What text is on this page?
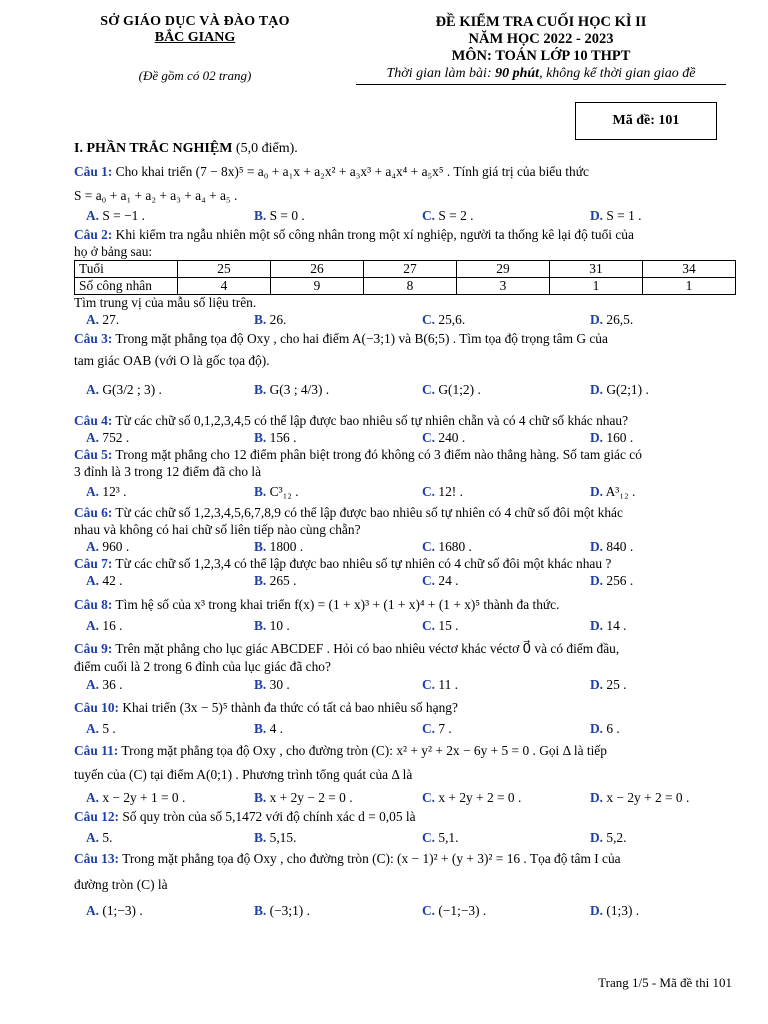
SỞ GIÁO DỤC VÀ ĐÀO TẠO
BẮC GIANG
(Đề gồm có 02 trang)
ĐỀ KIỂM TRA CUỐI HỌC KÌ II
NĂM HỌC 2022 - 2023
MÔN: TOÁN LỚP 10 THPT
Thời gian làm bài: 90 phút, không kể thời gian giao đề
Mã đề: 101
I. PHẦN TRẮC NGHIỆM (5,0 điểm).
Câu 1: Cho khai triển (7 − 8x)⁵ = a₀ + a₁x + a₂x² + a₃x³ + a₄x⁴ + a₅x⁵ . Tính giá trị của biểu thức
S = a₀ + a₁ + a₂ + a₃ + a₄ + a₅ .
A. S = −1 .	B. S = 0 .	C. S = 2 .	D. S = 1 .
Câu 2: Khi kiểm tra ngẫu nhiên một số công nhân trong một xí nghiệp, người ta thống kê lại độ tuổi của
họ ở bảng sau:
Tuổi	25	26	27	29	31	34
Số công nhân	4	9	8	3	1	1
Tìm trung vị của mẫu số liệu trên.
A. 27.	B. 26.	C. 25,6.	D. 26,5.
Câu 3: Trong mặt phẳng tọa độ Oxy , cho hai điểm A(−3;1) và B(6;5) . Tìm tọa độ trọng tâm G của
tam giác OAB (với O là gốc tọa độ).
A. G(3/2 ; 3) .	B. G(3 ; 4/3) .	C. G(1;2) .	D. G(2;1) .
Câu 4: Từ các chữ số 0,1,2,3,4,5 có thể lập được bao nhiêu số tự nhiên chẵn và có 4 chữ số khác nhau?
A. 752 .	B. 156 .	C. 240 .	D. 160 .
Câu 5: Trong mặt phẳng cho 12 điểm phân biệt trong đó không có 3 điểm nào thẳng hàng. Số tam giác có
3 đỉnh là 3 trong 12 điểm đã cho là
A. 12³ .	B. C³₁₂ .	C. 12! .	D. A³₁₂ .
Câu 6: Từ các chữ số 1,2,3,4,5,6,7,8,9 có thể lập được bao nhiêu số tự nhiên có 4 chữ số đôi một khác
nhau và không có hai chữ số liên tiếp nào cùng chẵn?
A. 960 .	B. 1800 .	C. 1680 .	D. 840 .
Câu 7: Từ các chữ số 1,2,3,4 có thể lập được bao nhiêu số tự nhiên có 4 chữ số đôi một khác nhau ?
A. 42 .	B. 265 .	C. 24 .	D. 256 .
Câu 8: Tìm hệ số của x³ trong khai triển f(x) = (1 + x)³ + (1 + x)⁴ + (1 + x)⁵ thành đa thức.
A. 16 .	B. 10 .	C. 15 .	D. 14 .
Câu 9: Trên mặt phẳng cho lục giác ABCDEF . Hỏi có bao nhiêu véctơ khác véctơ 0⃗ và có điểm đầu,
điểm cuối là 2 trong 6 đỉnh của lục giác đã cho?
A. 36 .	B. 30 .	C. 11 .	D. 25 .
Câu 10: Khai triển (3x − 5)⁵ thành đa thức có tất cả bao nhiêu số hạng?
A. 5 .	B. 4 .	C. 7 .	D. 6 .
Câu 11: Trong mặt phẳng tọa độ Oxy , cho đường tròn (C): x² + y² + 2x − 6y + 5 = 0 . Gọi Δ là tiếp
tuyến của (C) tại điểm A(0;1) . Phương trình tổng quát của Δ là
A. x − 2y + 1 = 0 .	B. x + 2y − 2 = 0 .	C. x + 2y + 2 = 0 .	D. x − 2y + 2 = 0 .
Câu 12: Số quy tròn của số 5,1472 với độ chính xác d = 0,05 là
A. 5.	B. 5,15.	C. 5,1.	D. 5,2.
Câu 13: Trong mặt phẳng tọa độ Oxy , cho đường tròn (C): (x − 1)² + (y + 3)² = 16 . Tọa độ tâm I của
đường tròn (C) là
A. (1;−3) .	B. (−3;1) .	C. (−1;−3) .	D. (1;3) .
Trang 1/5 - Mã đề thi 101
